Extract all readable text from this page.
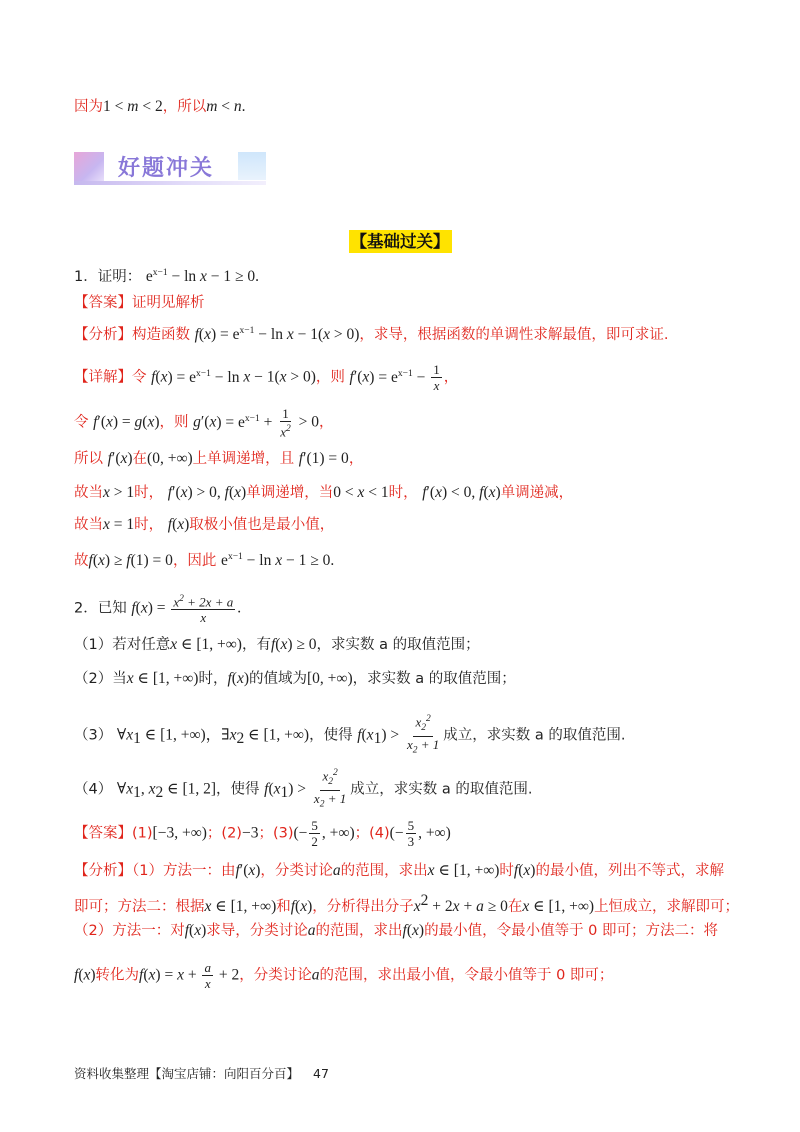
因为1 < m < 2，所以m < n.
好题冲关
【基础过关】
1．证明： $e^{x-1} - \ln x - 1 \ge 0$.
【答案】证明见解析
【分析】构造函数 $f(x) = e^{x-1} - \ln x - 1(x > 0)$，求导，根据函数的单调性求解最值，即可求证.
【详解】令 $f(x) = e^{x-1} - \ln x - 1(x > 0)$，则 $f'(x) = e^{x-1} - \frac{1}{x}$ ，
令 f′(x) = g(x)，则 $g'(x) = e^{x-1} + \frac{1}{x^2} > 0$，
所以 f′(x)在(0, +∞)上单调递增，且 f′(1) = 0，
故当x > 1时， f′(x) > 0, f(x)单调递增，当0 < x < 1时， f′(x) < 0, f(x)单调递减，
故当x = 1时， f(x)取极小值也是最小值，
故f(x) ≥ f(1) = 0，因此 $e^{x-1} - \ln x - 1 \ge 0$.
2．已知 $f(x) = \frac{x^2 + 2x + a}{x}$ .
（1）若对任意x ∈ [1, +∞)，有f(x) ≥ 0，求实数 a 的取值范围；
（2）当x ∈ [1, +∞)时，f(x)的值域为[0, +∞)，求实数 a 的取值范围；
（3） $\forall x_1$ ∈ [1, +∞)，$\exists x_2$ ∈ [1, +∞)，使得 $f(x_1) > \frac{x_2^2}{x_2 + 1}$ 成立，求实数 a 的取值范围.
（4） $\forall x_1$, $x_2$ ∈ [1, 2]，使得 $f(x_1) > \frac{x_2^2}{x_2 + 1}$ 成立，求实数 a 的取值范围.
【答案】(1)[−3, +∞)；(2)−3；$(3)(- \frac{5}{2}$ , +∞)；$(4)(- \frac{5}{3}$ , +∞)
【分析】（1）方法一：由f′(x)，分类讨论a的范围，求出x ∈ [1, +∞)时f(x)的最小值，列出不等式，求解
即可；方法二：根据x ∈ [1, +∞)和f(x)，分析得出分子$x^2 + 2x + a \ge 0$在x ∈ [1, +∞)上恒成立，求解即可；
（2）方法一：对f(x)求导，分类讨论a的范围，求出f(x)的最小值，令最小值等于 0 即可；方法二：将
f(x)转化为$f(x) = x + \frac{a}{x} + 2$，分类讨论a的范围，求出最小值，令最小值等于 0 即可；
资料收集整理【淘宝店铺：向阳百分百】 47
